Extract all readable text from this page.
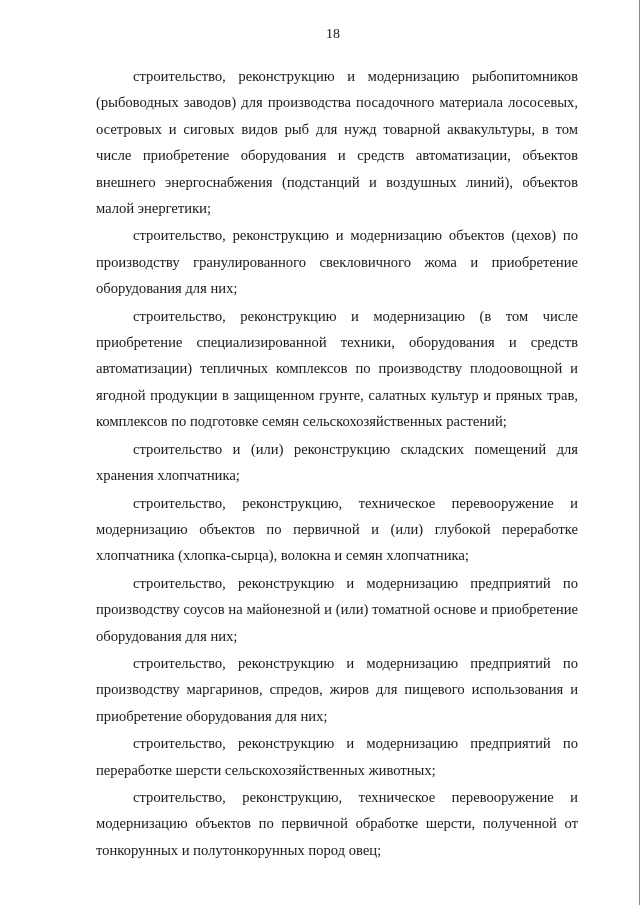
18

строительство, реконструкцию и модернизацию рыбопитомников (рыбоводных заводов) для производства посадочного материала лососевых, осетровых и сиговых видов рыб для нужд товарной аквакультуры, в том числе приобретение оборудования и средств автоматизации, объектов внешнего энергоснабжения (подстанций и воздушных линий), объектов малой энергетики;

строительство, реконструкцию и модернизацию объектов (цехов) по производству гранулированного свекловичного жома и приобретение оборудования для них;

строительство, реконструкцию и модернизацию (в том числе приобретение специализированной техники, оборудования и средств автоматизации) тепличных комплексов по производству плодоовощной и ягодной продукции в защищенном грунте, салатных культур и пряных трав, комплексов по подготовке семян сельскохозяйственных растений;

строительство и (или) реконструкцию складских помещений для хранения хлопчатника;

строительство, реконструкцию, техническое перевооружение и модернизацию объектов по первичной и (или) глубокой переработке хлопчатника (хлопка-сырца), волокна и семян хлопчатника;

строительство, реконструкцию и модернизацию предприятий по производству соусов на майонезной и (или) томатной основе и приобретение оборудования для них;

строительство, реконструкцию и модернизацию предприятий по производству маргаринов, спредов, жиров для пищевого использования и приобретение оборудования для них;

строительство, реконструкцию и модернизацию предприятий по переработке шерсти сельскохозяйственных животных;

строительство, реконструкцию, техническое перевооружение и модернизацию объектов по первичной обработке шерсти, полученной от тонкорунных и полутонкорунных пород овец;
